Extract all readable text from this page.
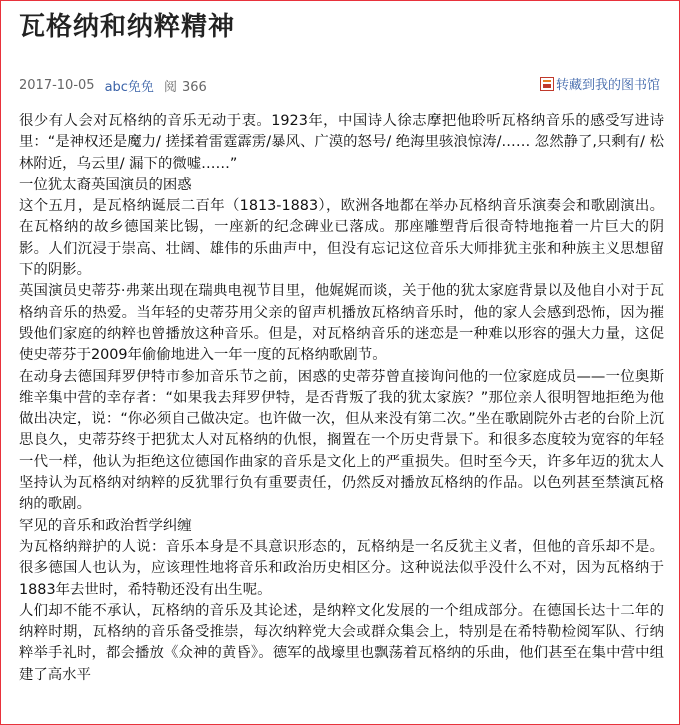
瓦格纳和纳粹精神
2017-10-05 abc免免 阅 366	转藏到我的图书馆

很少有人会对瓦格纳的音乐无动于衷。1923年，中国诗人徐志摩把他聆听瓦格纳音乐的感受写进诗里：“是神权还是魔力/ 搓揉着雷霆霹雳/暴风、广漠的怒号/ 绝海里骇浪惊涛/…… 忽然静了,只剩有/ 松林附近，乌云里/ 漏下的微嘘……”

一位犹太裔英国演员的困惑

这个五月，是瓦格纳诞辰二百年（1813-1883），欧洲各地都在举办瓦格纳音乐演奏会和歌剧演出。在瓦格纳的故乡德国莱比锡，一座新的纪念碑业已落成。那座雕塑背后很奇特地拖着一片巨大的阴影。人们沉浸于崇高、壮阔、雄伟的乐曲声中，但没有忘记这位音乐大师排犹主张和种族主义思想留下的阴影。

英国演员史蒂芬·弗莱出现在瑞典电视节目里，他娓娓而谈，关于他的犹太家庭背景以及他自小对于瓦格纳音乐的热爱。当年轻的史蒂芬用父亲的留声机播放瓦格纳音乐时，他的家人会感到恐怖，因为摧毁他们家庭的纳粹也曾播放这种音乐。但是，对瓦格纳音乐的迷恋是一种难以形容的强大力量，这促使史蒂芬于2009年偷偷地进入一年一度的瓦格纳歌剧节。

在动身去德国拜罗伊特市参加音乐节之前，困惑的史蒂芬曾直接询问他的一位家庭成员——一位奥斯维辛集中营的幸存者：“如果我去拜罗伊特，是否背叛了我的犹太家族？”那位亲人很明智地拒绝为他做出决定，说：“你必须自己做决定。也许做一次，但从来没有第二次。”坐在歌剧院外古老的台阶上沉思良久，史蒂芬终于把犹太人对瓦格纳的仇恨，搁置在一个历史背景下。和很多态度较为宽容的年轻一代一样，他认为拒绝这位德国作曲家的音乐是文化上的严重损失。但时至今天，许多年迈的犹太人坚持认为瓦格纳对纳粹的反犹罪行负有重要责任，仍然反对播放瓦格纳的作品。以色列甚至禁演瓦格纳的歌剧。

罕见的音乐和政治哲学纠缠

为瓦格纳辩护的人说：音乐本身是不具意识形态的，瓦格纳是一名反犹主义者，但他的音乐却不是。很多德国人也认为，应该理性地将音乐和政治历史相区分。这种说法似乎没什么不对，因为瓦格纳于1883年去世时，希特勒还没有出生呢。

人们却不能不承认，瓦格纳的音乐及其论述，是纳粹文化发展的一个组成部分。在德国长达十二年的纳粹时期，瓦格纳的音乐备受推崇，每次纳粹党大会或群众集会上，特别是在希特勒检阅军队、行纳粹举手礼时，都会播放《众神的黄昏》。德军的战壕里也飘荡着瓦格纳的乐曲，他们甚至在集中营中组建了高水平
